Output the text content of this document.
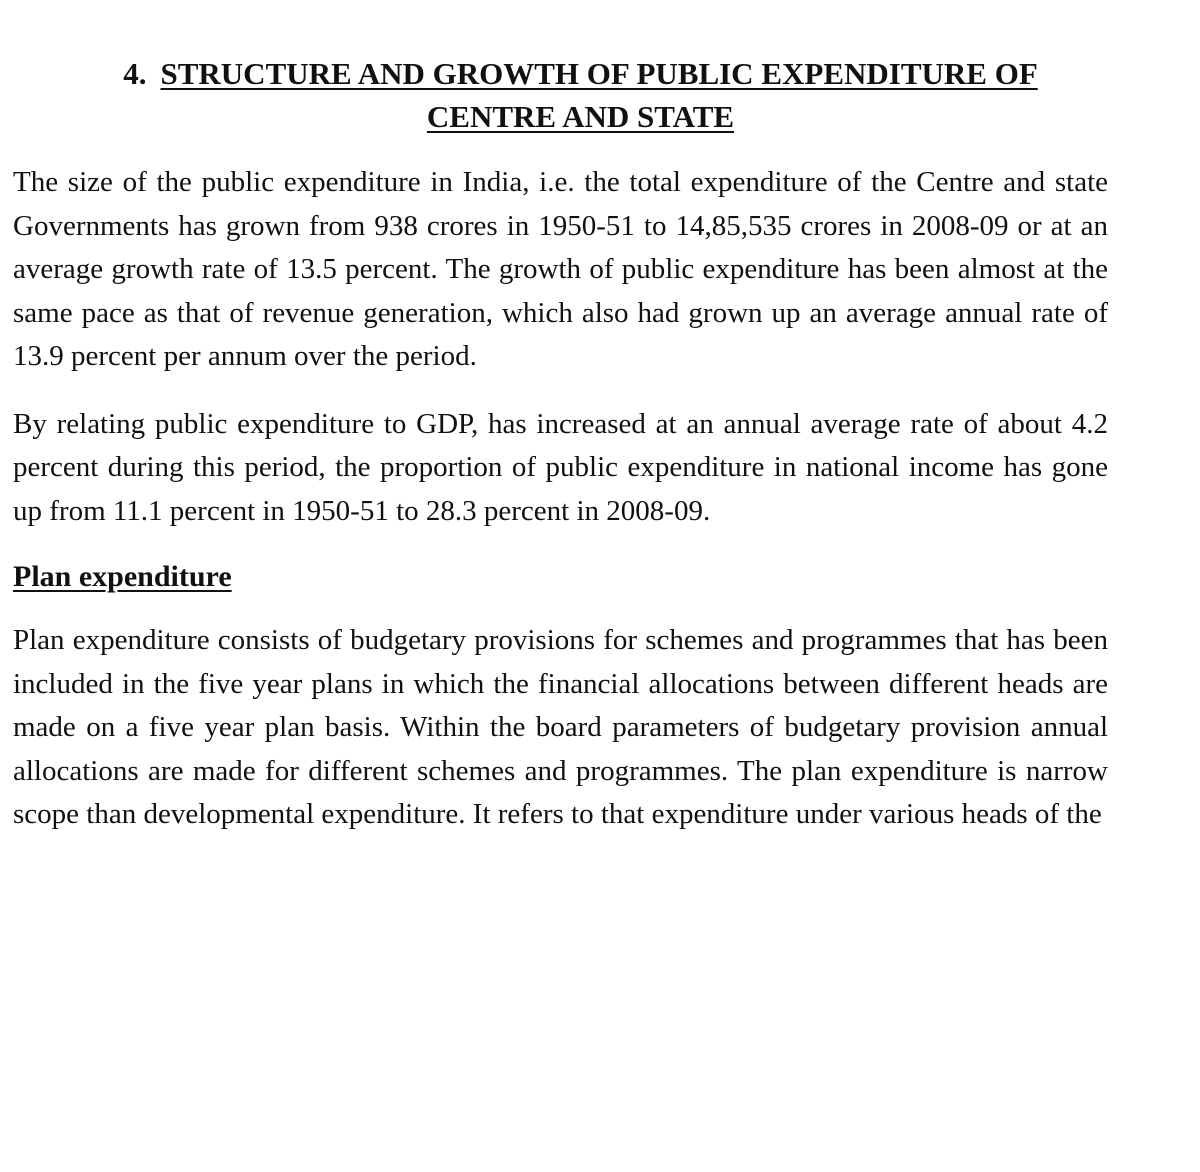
4. STRUCTURE AND GROWTH OF PUBLIC EXPENDITURE OF
CENTRE AND STATE

The size of the public expenditure in India, i.e. the total expenditure of the Centre and state Governments has grown from 938 crores in 1950-51 to 14,85,535 crores in 2008-09 or at an average growth rate of 13.5 percent. The growth of public expenditure has been almost at the same pace as that of revenue generation, which also had grown up an average annual rate of 13.9 percent per annum over the period.

By relating public expenditure to GDP, has increased at an annual average rate of about 4.2 percent during this period, the proportion of public expenditure in national income has gone up from 11.1 percent in 1950-51 to 28.3 percent in 2008-09.

Plan expenditure

Plan expenditure consists of budgetary provisions for schemes and programmes that has been included in the five year plans in which the financial allocations between different heads are made on a five year plan basis. Within the board parameters of budgetary provision annual allocations are made for different schemes and programmes. The plan expenditure is narrow scope than developmental expenditure. It refers to that expenditure under various heads of the
